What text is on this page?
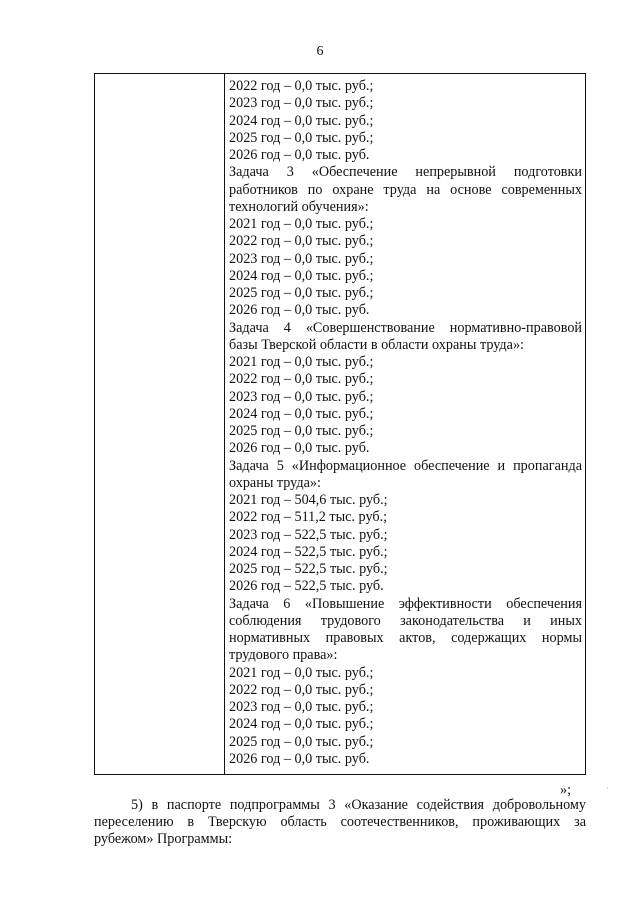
6
2022 год – 0,0 тыс. руб.;
2023 год – 0,0 тыс. руб.;
2024 год – 0,0 тыс. руб.;
2025 год – 0,0 тыс. руб.;
2026 год – 0,0 тыс. руб.
Задача 3 «Обеспечение непрерывной подготовки
работников по охране труда на основе современных
технологий обучения»:
2021 год – 0,0 тыс. руб.;
2022 год – 0,0 тыс. руб.;
2023 год – 0,0 тыс. руб.;
2024 год – 0,0 тыс. руб.;
2025 год – 0,0 тыс. руб.;
2026 год – 0,0 тыс. руб.
Задача 4 «Совершенствование нормативно-правовой
базы Тверской области в области охраны труда»:
2021 год – 0,0 тыс. руб.;
2022 год – 0,0 тыс. руб.;
2023 год – 0,0 тыс. руб.;
2024 год – 0,0 тыс. руб.;
2025 год – 0,0 тыс. руб.;
2026 год – 0,0 тыс. руб.
Задача 5 «Информационное обеспечение и пропаганда
охраны труда»:
2021 год – 504,6 тыс. руб.;
2022 год – 511,2 тыс. руб.;
2023 год – 522,5 тыс. руб.;
2024 год – 522,5 тыс. руб.;
2025 год – 522,5 тыс. руб.;
2026 год – 522,5 тыс. руб.
Задача 6 «Повышение эффективности обеспечения
соблюдения трудового законодательства и иных
нормативных правовых актов, содержащих нормы
трудового права»:
2021 год – 0,0 тыс. руб.;
2022 год – 0,0 тыс. руб.;
2023 год – 0,0 тыс. руб.;
2024 год – 0,0 тыс. руб.;
2025 год – 0,0 тыс. руб.;
2026 год – 0,0 тыс. руб.
»;	·
5) в паспорте подпрограммы 3 «Оказание содействия добровольному
переселению в Тверскую область соотечественников, проживающих за
рубежом» Программы:
